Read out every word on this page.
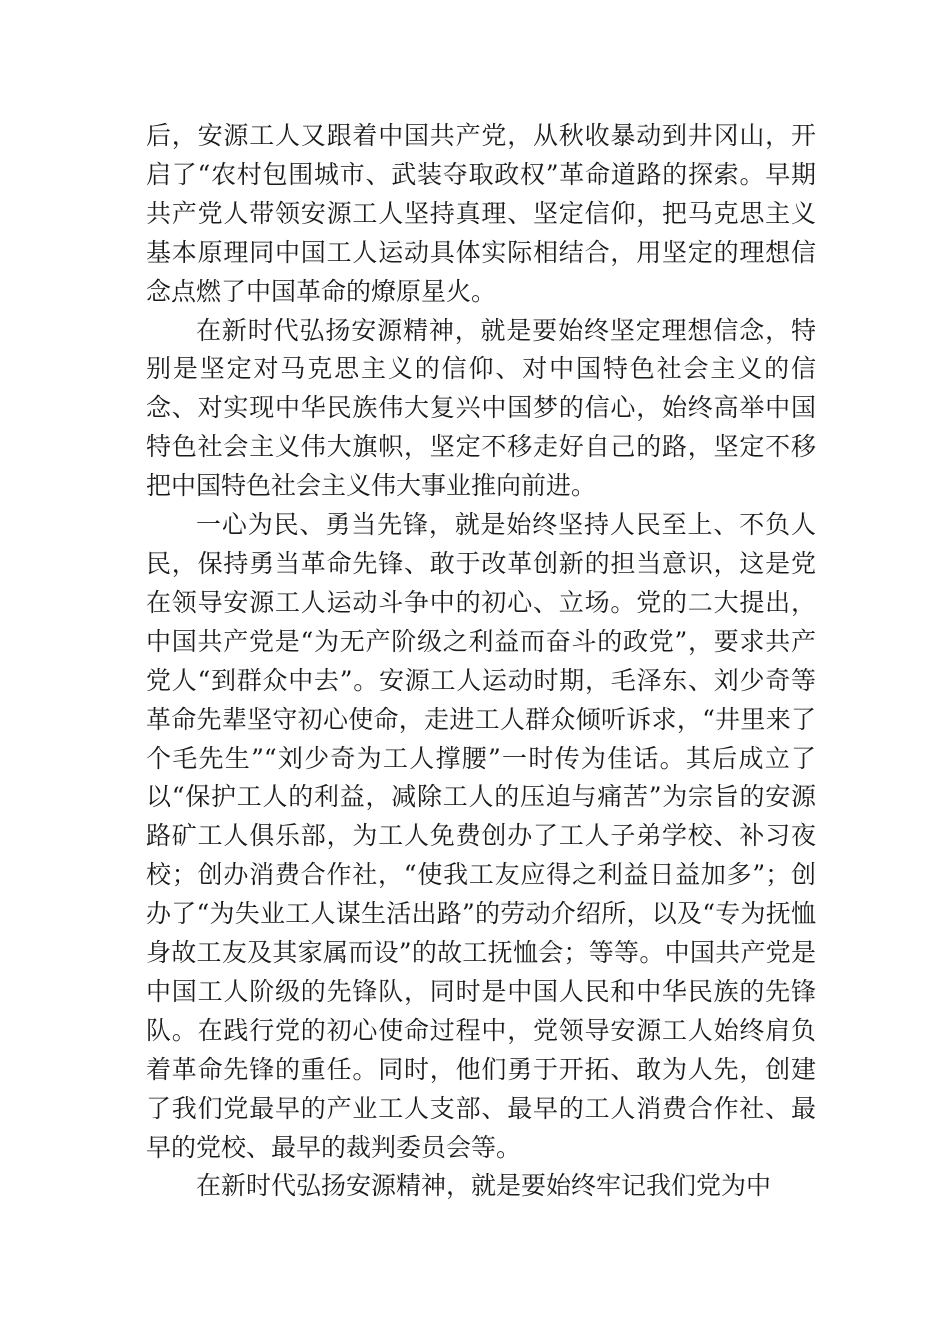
后，安源工人又跟着中国共产党，从秋收暴动到井冈山，开启了“农村包围城市、武装夺取政权”革命道路的探索。早期共产党人带领安源工人坚持真理、坚定信仰，把马克思主义基本原理同中国工人运动具体实际相结合，用坚定的理想信念点燃了中国革命的燎原星火。

在新时代弘扬安源精神，就是要始终坚定理想信念，特别是坚定对马克思主义的信仰、对中国特色社会主义的信念、对实现中华民族伟大复兴中国梦的信心，始终高举中国特色社会主义伟大旗帜，坚定不移走好自己的路，坚定不移把中国特色社会主义伟大事业推向前进。

一心为民、勇当先锋，就是始终坚持人民至上、不负人民，保持勇当革命先锋、敢于改革创新的担当意识，这是党在领导安源工人运动斗争中的初心、立场。党的二大提出，中国共产党是“为无产阶级之利益而奋斗的政党”，要求共产党人“到群众中去”。安源工人运动时期，毛泽东、刘少奇等革命先辈坚守初心使命，走进工人群众倾听诉求，“井里来了个毛先生”“刘少奇为工人撑腰”一时传为佳话。其后成立了以“保护工人的利益，减除工人的压迫与痛苦”为宗旨的安源路矿工人俱乐部，为工人免费创办了工人子弟学校、补习夜校；创办消费合作社，“使我工友应得之利益日益加多”；创办了“为失业工人谋生活出路”的劳动介绍所，以及“专为抚恤身故工友及其家属而设”的故工抚恤会；等等。中国共产党是中国工人阶级的先锋队，同时是中国人民和中华民族的先锋队。在践行党的初心使命过程中，党领导安源工人始终肩负着革命先锋的重任。同时，他们勇于开拓、敢为人先，创建了我们党最早的产业工人支部、最早的工人消费合作社、最早的党校、最早的裁判委员会等。

在新时代弘扬安源精神，就是要始终牢记我们党为中
